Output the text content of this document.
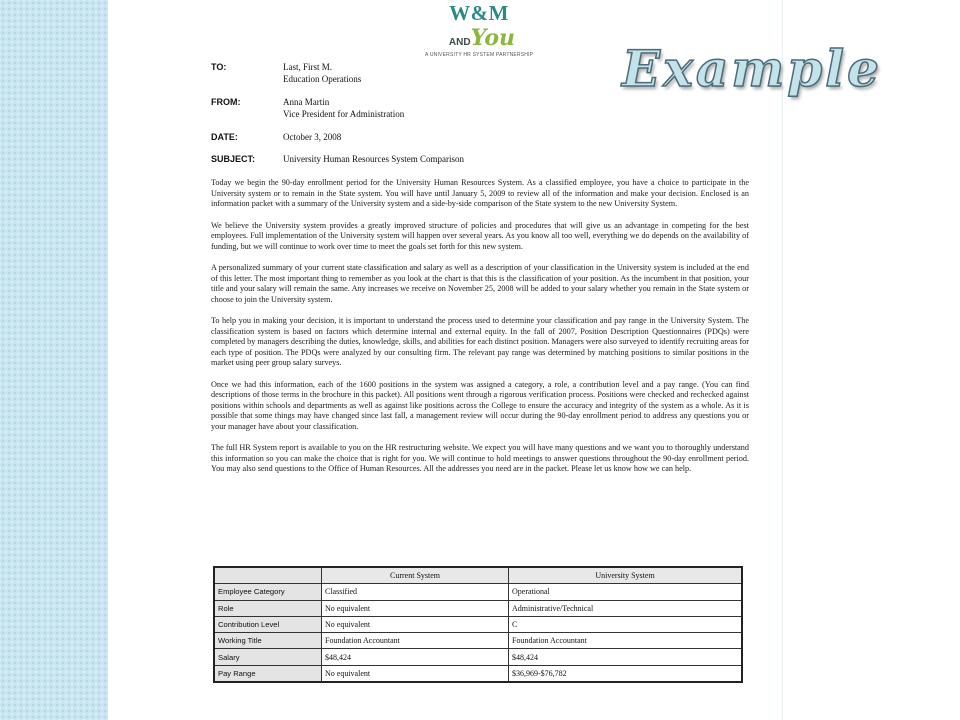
W&M
ANDYou
A UNIVERSITY HR SYSTEM PARTNERSHIP Example
TO:	Last, First M.
Education Operations
FROM:	Anna Martin
Vice President for Administration
DATE:	October 3, 2008
SUBJECT:	University Human Resources System Comparison

Today we begin the 90-day enrollment period for the University Human Resources System. As a classified employee, you have a choice to participate in the University system or to remain in the State system. You will have until January 5, 2009 to review all of the information and make your decision. Enclosed is an information packet with a summary of the University system and a side-by-side comparison of the State system to the new University System.

We believe the University system provides a greatly improved structure of policies and procedures that will give us an advantage in competing for the best employees. Full implementation of the University system will happen over several years. As you know all too well, everything we do depends on the availability of funding, but we will continue to work over time to meet the goals set forth for this new system.

A personalized summary of your current state classification and salary as well as a description of your classification in the University system is included at the end of this letter. The most important thing to remember as you look at the chart is that this is the classification of your position. As the incumbent in that position, your title and your salary will remain the same. Any increases we receive on November 25, 2008 will be added to your salary whether you remain in the State system or choose to join the University system.

To help you in making your decision, it is important to understand the process used to determine your classification and pay range in the University System. The classification system is based on factors which determine internal and external equity. In the fall of 2007, Position Description Questionnaires (PDQs) were completed by managers describing the duties, knowledge, skills, and abilities for each distinct position. Managers were also surveyed to identify recruiting areas for each type of position. The PDQs were analyzed by our consulting firm. The relevant pay range was determined by matching positions to similar positions in the market using peer group salary surveys.

Once we had this information, each of the 1600 positions in the system was assigned a category, a role, a contribution level and a pay range. (You can find descriptions of those terms in the brochure in this packet). All positions went through a rigorous verification process. Positions were checked and rechecked against positions within schools and departments as well as against like positions across the College to ensure the accuracy and integrity of the system as a whole. As it is possible that some things may have changed since last fall, a management review will occur during the 90-day enrollment period to address any questions you or your manager have about your classification.

The full HR System report is available to you on the HR restructuring website. We expect you will have many questions and we want you to thoroughly understand this information so you can make the choice that is right for you. We will continue to hold meetings to answer questions throughout the 90-day enrollment period. You may also send questions to the Office of Human Resources. All the addresses you need are in the packet. Please let us know how we can help.

	Current System	University System
Employee Category	Classified	Operational
Role	No equivalent	Administrative/Technical
Contribution Level	No equivalent	C
Working Title	Foundation Accountant	Foundation Accountant
Salary	$48,424	$48,424
Pay Range	No equivalent	$36,969-$76,782
